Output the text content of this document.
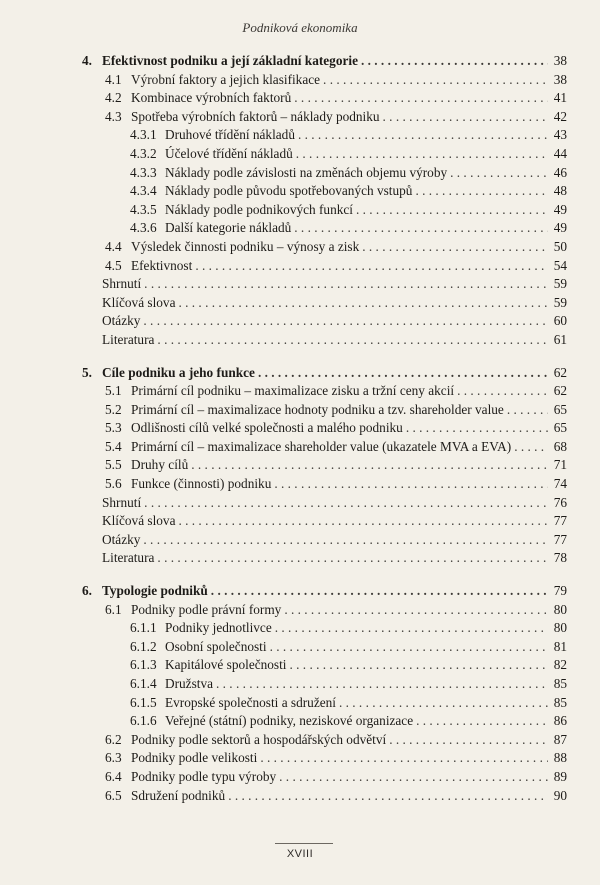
Podniková ekonomika
4. Efektivnost podniku a její základní kategorie . . .	38
4.1 Výrobní faktory a jejich klasifikace . . .	38
4.2 Kombinace výrobních faktorů . . .	41
4.3 Spotřeba výrobních faktorů – náklady podniku . . .	42
4.3.1 Druhové třídění nákladů . . .	43
4.3.2 Účelové třídění nákladů . . .	44
4.3.3 Náklady podle závislosti na změnách objemu výroby . . .	46
4.3.4 Náklady podle původu spotřebovaných vstupů . . .	48
4.3.5 Náklady podle podnikových funkcí . . .	49
4.3.6 Další kategorie nákladů . . .	49
4.4 Výsledek činnosti podniku – výnosy a zisk . . .	50
4.5 Efektivnost . . .	54
Shrnutí . . .	59
Klíčová slova . . .	59
Otázky . . .	60
Literatura . . .	61
5. Cíle podniku a jeho funkce . . .	62
5.1 Primární cíl podniku – maximalizace zisku a tržní ceny akcií . . .	62
5.2 Primární cíl – maximalizace hodnoty podniku a tzv. shareholder value . . .	65
5.3 Odlišnosti cílů velké společnosti a malého podniku . . .	65
5.4 Primární cíl – maximalizace shareholder value (ukazatele MVA a EVA) . . .	68
5.5 Druhy cílů . . .	71
5.6 Funkce (činnosti) podniku . . .	74
Shrnutí . . .	76
Klíčová slova . . .	77
Otázky . . .	77
Literatura . . .	78
6. Typologie podniků . . .	79
6.1 Podniky podle právní formy . . .	80
6.1.1 Podniky jednotlivce . . .	80
6.1.2 Osobní společnosti . . .	81
6.1.3 Kapitálové společnosti . . .	82
6.1.4 Družstva . . .	85
6.1.5 Evropské společnosti a sdružení . . .	85
6.1.6 Veřejné (státní) podniky, neziskové organizace . . .	86
6.2 Podniky podle sektorů a hospodářských odvětví . . .	87
6.3 Podniky podle velikosti . . .	88
6.4 Podniky podle typu výroby . . .	89
6.5 Sdružení podniků . . .	90
XVIII
